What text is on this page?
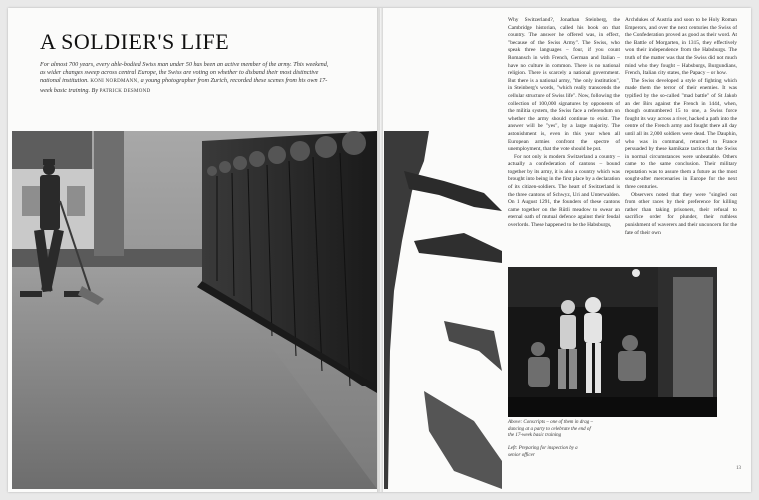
A SOLDIER'S LIFE
For almost 700 years, every able-bodied Swiss man under 50 has been an active member of the army. This weekend, as wider changes sweep across central Europe, the Swiss are voting on whether to disband their most distinctive national institution. KONI NORDMANN, a young photographer from Zurich, recorded these scenes from his own 17-week basic training. By PATRICK DESMOND

Why Switzerland?, Jonathan Steinberg, the Cambridge historian, called his book on that country. The answer he offered was, in effect, "because of the Swiss Army". The Swiss, who speak three languages – four, if you count Romansch in with French, German and Italian – have no culture in common. There is no national religion. There is scarcely a national government. But there is a national army, "the only institution", in Steinberg's words, "which really transcends the cellular structure of Swiss life". Now, following the collection of 100,000 signatures by opponents of the militia system, the Swiss face a referendum on whether the army should continue to exist. The answer will be "yes", by a large majority. The astonishment is, even in this year when all European armies confront the spectre of unemployment, that the vote should be put.

For not only is modern Switzerland a country – actually a confederation of cantons – bound together by its army, it is also a country which was brought into being in the first place by a declaration of its citizen-soldiers. The heart of Switzerland is the three cantons of Schwyz, Uri and Unterwalden. On 1 August 1291, the founders of these cantons came together on the Rütli meadow to swear an eternal oath of mutual defence against their feudal overlords. These happened to be the Habsburgs,

Archdukes of Austria and soon to be Holy Roman Emperors, and over the next centuries the Swiss of the Confederation proved as good as their word. At the Battle of Morgarten, in 1315, they effectively won their independence from the Habsburgs. The truth of the matter was that the Swiss did not much mind who they fought – Habsburgs, Burgundians, French, Italian city states, the Papacy – or how.

The Swiss developed a style of fighting which made them the terror of their enemies. It was typified by the so-called "mad battle" of St Jakob an der Birs against the French in 1444, when, though outnumbered 15 to one, a Swiss force fought its way across a river, hacked a path into the centre of the French army and fought there all day until all its 2,000 soldiers were dead. The Dauphin, who was in command, returned to France persuaded by these kamikaze tactics that the Swiss in normal circumstances were unbeatable. Others came to the same conclusion. Their military reputation was to assure them a future as the most sought-after mercenaries in Europe for the next three centuries.

Observers noted that they were "singled out from other races by their preference for killing rather than taking prisoners, their refusal to sacrifice order for plunder, their ruthless punishment of waverers and their unconcern for the fate of their own

Above: Conscripts – one of them in drag – dancing at a party to celebrate the end of the 17-week basic training
Left: Preparing for inspection by a senior officer
13
